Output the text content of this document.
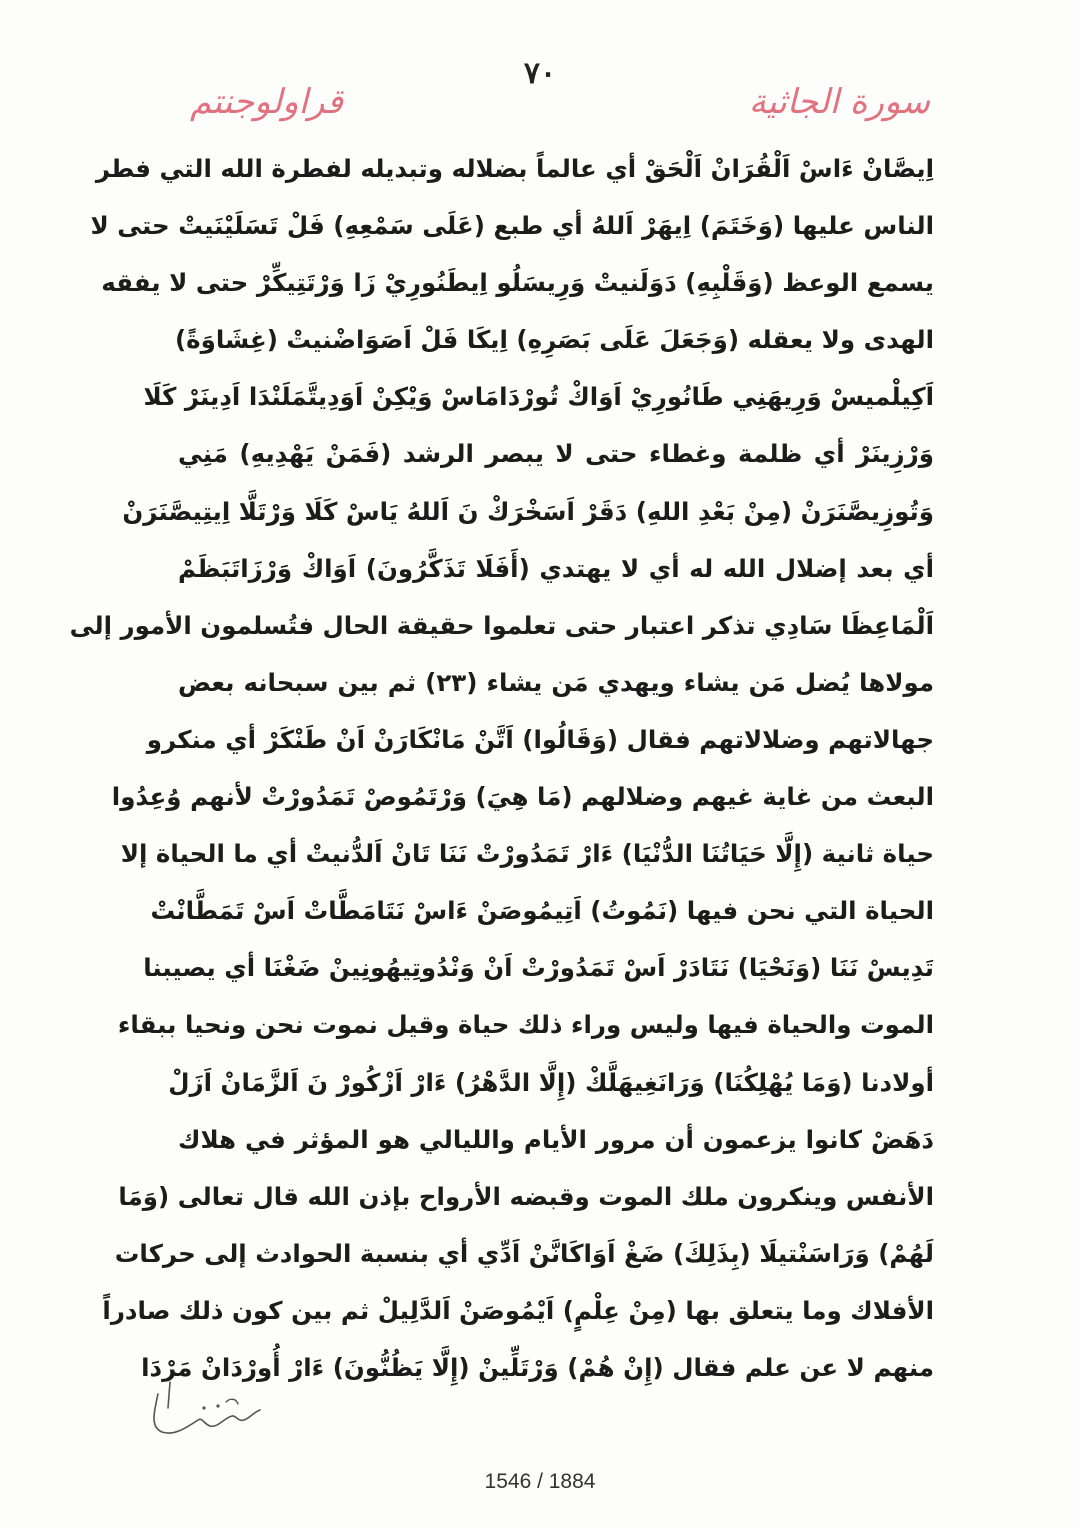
٧٠
سورة الجاثية
قراولوجنتم
اِيصَّانْ ءَاسْ اَلْقُرَانْ اَلْحَقْ أي عالماً بضلاله وتبديله لفطرة الله التي فطر
الناس عليها (وَخَتَمَ) اِيهَرْ اَللهُ أي طبع (عَلَى سَمْعِهِ) فَلْ تَسَلَيْنَيتْ حتى لا
يسمع الوعظ (وَقَلْبِهِ) دَوَلَنيتْ وَرِيسَلُو اِيطَنُورِيْ زَا وَرْتَتِيكِّرْ حتى لا يفقه
الهدى ولا يعقله (وَجَعَلَ عَلَى بَصَرِهِ) اِيكَا فَلْ اَصَوَاضْنيتْ (غِشَاوَةً)
اَكِيلْميسْ وَرِيهَنِي طَانُورِيْ اَوَاكْ تُورْدَامَاسْ وَيْكِنْ اَوَدِيتَّمَلَنْدَا اَدِينَرْ كَلَا
وَرْزِينَرْ أي ظلمة وغطاء حتى لا يبصر الرشد (فَمَنْ يَهْدِيهِ) مَنِي
وَتُوزِيصَّنَرَنْ (مِنْ بَعْدِ اللهِ) دَقَرْ اَسَخْرَكْ نَ اَللهُ يَاسْ كَلَا وَرْتَلَّا اِيتِيصَّنَرَنْ
أي بعد إضلال الله له أي لا يهتدي (أَفَلَا تَذَكَّرُونَ) اَوَاكْ وَرْزَاتَبَظَمْ
اَلْمَاعِظَا سَادِي تذكر اعتبار حتى تعلموا حقيقة الحال فتُسلمون الأمور إلى
مولاها يُضل مَن يشاء ويهدي مَن يشاء (٢٣) ثم بين سبحانه بعض
جهالاتهم وضلالاتهم فقال (وَقَالُوا) اَتَّنْ مَانْكَارَنْ اَنْ طَنْكَرْ أي منكرو
البعث من غاية غيهم وضلالهم (مَا هِيَ) وَرْتَمُوصْ تَمَدُورْتْ لأنهم وُعِدُوا
حياة ثانية (إِلَّا حَيَاتُنَا الدُّنْيَا) ءَارْ تَمَدُورْتْ نَنَا تَانْ اَلدُّنيتْ أي ما الحياة إلا
الحياة التي نحن فيها (نَمُوتُ) اَتِيمُوصَنْ ءَاسْ نَتَامَطَّاتْ اَسْ تَمَطَّانْتْ
تَدِيسْ نَنَا (وَنَحْيَا) نَتَادَرْ اَسْ تَمَدُورْتْ اَنْ وَنْدُوتِيهُونِينْ ضَغْنَا أي يصيبنا
الموت والحياة فيها وليس وراء ذلك حياة وقيل نموت نحن ونحيا ببقاء
أولادنا (وَمَا يُهْلِكُنَا) وَرَانَغِيهَلَّكْ (إِلَّا الدَّهْرُ) ءَارْ اَزْكُورْ نَ اَلزَّمَانْ اَزَلْ
دَهَضْ كانوا يزعمون أن مرور الأيام والليالي هو المؤثر في هلاك
الأنفس وينكرون ملك الموت وقبضه الأرواح بإذن الله قال تعالى (وَمَا
لَهُمْ) وَرَاسَنْتيلَا (بِذَلِكَ) ضَغْ اَوَاكَانَّنْ اَدِّي أي بنسبة الحوادث إلى حركات
الأفلاك وما يتعلق بها (مِنْ عِلْمٍ) اَيْمُوصَنْ اَلدَّلِيلْ ثم بين كون ذلك صادراً
منهم لا عن علم فقال (إِنْ هُمْ) وَرْتَلِّينْ (إِلَّا يَظُنُّونَ) ءَارْ أُورْدَانْ مَرْدَا
1546 / 1884
